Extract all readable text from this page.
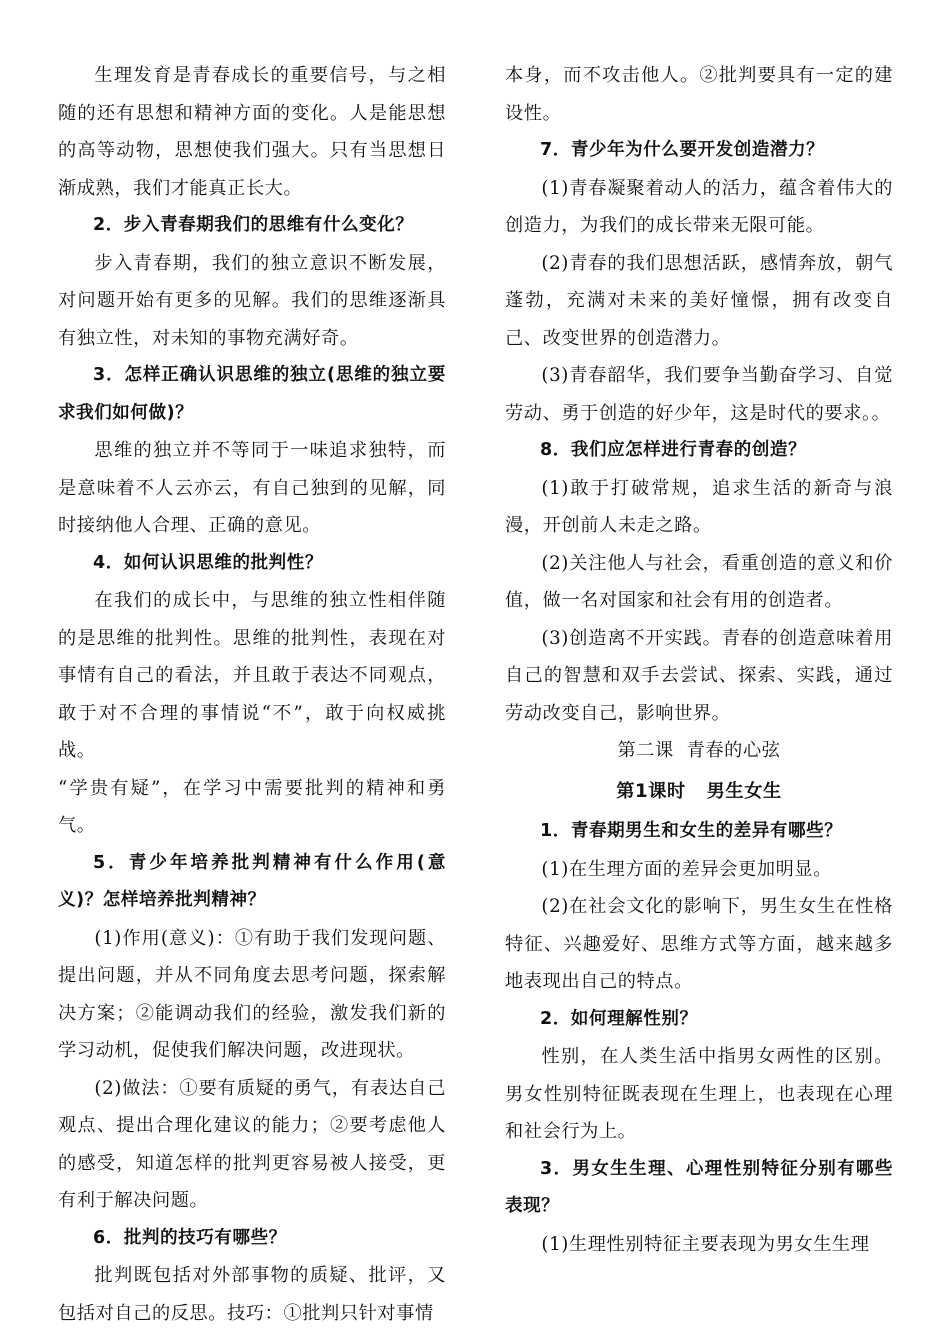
生理发育是青春成长的重要信号，与之相随的还有思想和精神方面的变化。人是能思想的高等动物，思想使我们强大。只有当思想日渐成熟，我们才能真正长大。

2．步入青春期我们的思维有什么变化？

步入青春期，我们的独立意识不断发展，对问题开始有更多的见解。我们的思维逐渐具有独立性，对未知的事物充满好奇。

3．怎样正确认识思维的独立(思维的独立要求我们如何做)？

思维的独立并不等同于一味追求独特，而是意味着不人云亦云，有自己独到的见解，同时接纳他人合理、正确的意见。

4．如何认识思维的批判性？

在我们的成长中，与思维的独立性相伴随的是思维的批判性。思维的批判性，表现在对事情有自己的看法，并且敢于表达不同观点，敢于对不合理的事情说“不”，敢于向权威挑战。

“学贵有疑”，在学习中需要批判的精神和勇气。

5．青少年培养批判精神有什么作用(意义)？怎样培养批判精神？

(1)作用(意义)：①有助于我们发现问题、提出问题，并从不同角度去思考问题，探索解决方案；②能调动我们的经验，激发我们新的学习动机，促使我们解决问题，改进现状。

(2)做法：①要有质疑的勇气，有表达自己观点、提出合理化建议的能力；②要考虑他人的感受，知道怎样的批判更容易被人接受，更有利于解决问题。

6．批判的技巧有哪些？

批判既包括对外部事物的质疑、批评，又包括对自己的反思。技巧：①批判只针对事情

本身，而不攻击他人。②批判要具有一定的建设性。

7．青少年为什么要开发创造潜力？

(1)青春凝聚着动人的活力，蕴含着伟大的创造力，为我们的成长带来无限可能。

(2)青春的我们思想活跃，感情奔放，朝气蓬勃，充满对未来的美好憧憬，拥有改变自己、改变世界的创造潜力。

(3)青春韶华，我们要争当勤奋学习、自觉劳动、勇于创造的好少年，这是时代的要求。。

8．我们应怎样进行青春的创造？

(1)敢于打破常规，追求生活的新奇与浪漫，开创前人未走之路。

(2)关注他人与社会，看重创造的意义和价值，做一名对国家和社会有用的创造者。

(3)创造离不开实践。青春的创造意味着用自己的智慧和双手去尝试、探索、实践，通过劳动改变自己，影响世界。

第二课  青春的心弦

第1课时   男生女生

1．青春期男生和女生的差异有哪些？

(1)在生理方面的差异会更加明显。

(2)在社会文化的影响下，男生女生在性格特征、兴趣爱好、思维方式等方面，越来越多地表现出自己的特点。

2．如何理解性别？

性别，在人类生活中指男女两性的区别。男女性别特征既表现在生理上，也表现在心理和社会行为上。

3．男女生生理、心理性别特征分别有哪些表现？

(1)生理性别特征主要表现为男女生生理
